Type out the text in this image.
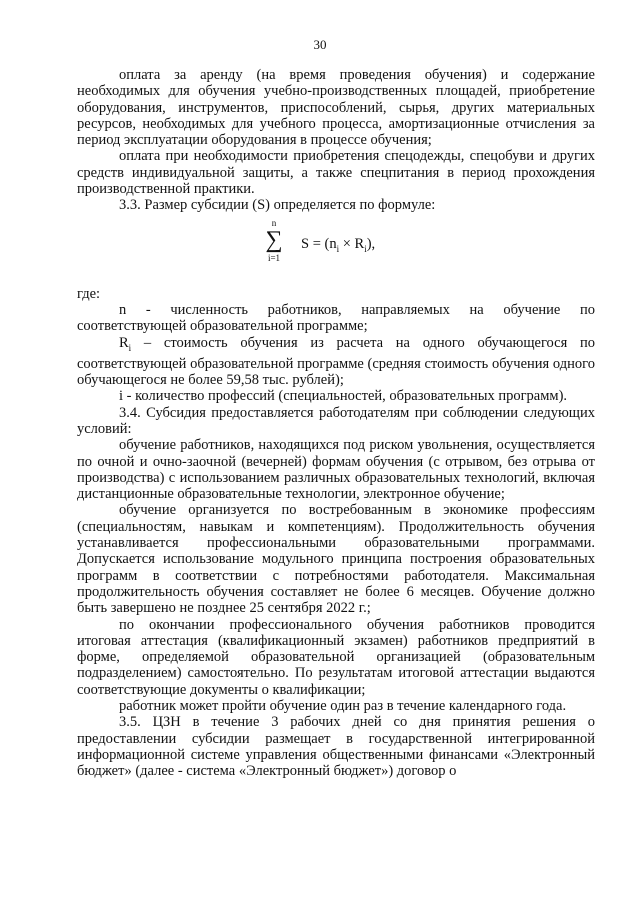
30

оплата за аренду (на время проведения обучения) и содержание необходимых для обучения учебно-производственных площадей, приобретение оборудования, инструментов, приспособлений, сырья, других материальных ресурсов, необходимых для учебного процесса, амортизационные отчисления за период эксплуатации оборудования в процессе обучения;

оплата при необходимости приобретения спецодежды, спецобуви и других средств индивидуальной защиты, а также спецпитания в период прохождения производственной практики.

3.3. Размер субсидии (S) определяется по формуле:

n
∑
i=1
$S = (n_i \times R_i)$,

где:

n - численность работников, направляемых на обучение по соответствующей образовательной программе;

$R_i$ – стоимость обучения из расчета на одного обучающегося по соответствующей образовательной программе (средняя стоимость обучения одного обучающегося не более 59,58 тыс. рублей);

i - количество профессий (специальностей, образовательных программ).

3.4. Субсидия предоставляется работодателям при соблюдении следующих условий:

обучение работников, находящихся под риском увольнения, осуществляется по очной и очно-заочной (вечерней) формам обучения (с отрывом, без отрыва от производства) с использованием различных образовательных технологий, включая дистанционные образовательные технологии, электронное обучение;

обучение организуется по востребованным в экономике профессиям (специальностям, навыкам и компетенциям). Продолжительность обучения устанавливается профессиональными образовательными программами. Допускается использование модульного принципа построения образовательных программ в соответствии с потребностями работодателя. Максимальная продолжительность обучения составляет не более 6 месяцев. Обучение должно быть завершено не позднее 25 сентября 2022 г.;

по окончании профессионального обучения работников проводится итоговая аттестация (квалификационный экзамен) работников предприятий в форме, определяемой образовательной организацией (образовательным подразделением) самостоятельно. По результатам итоговой аттестации выдаются соответствующие документы о квалификации;

работник может пройти обучение один раз в течение календарного года.

3.5. ЦЗН в течение 3 рабочих дней со дня принятия решения о предоставлении субсидии размещает в государственной интегрированной информационной системе управления общественными финансами «Электронный бюджет» (далее - система «Электронный бюджет») договор о
